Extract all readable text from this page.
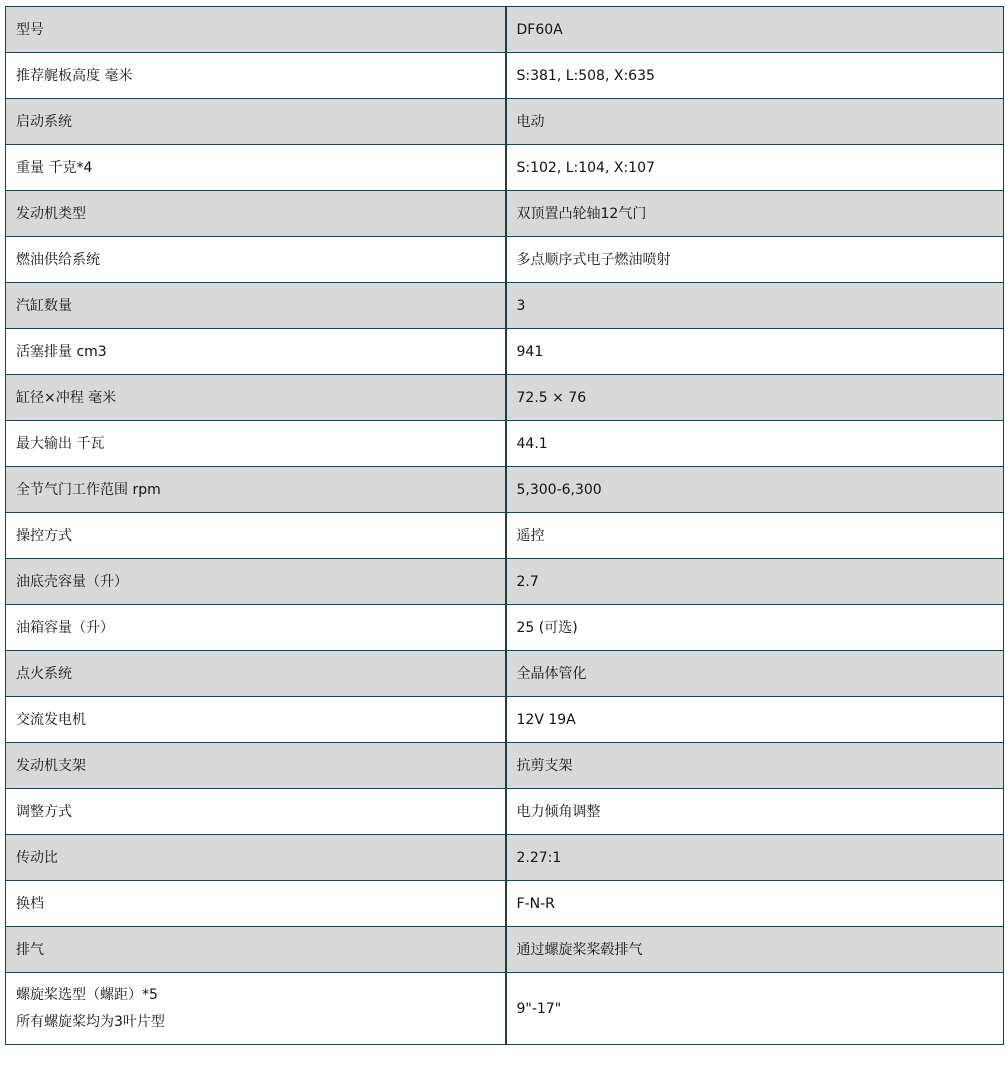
型号	DF60A
推荐艉板高度 毫米	S:381, L:508, X:635
启动系统	电动
重量 千克*4	S:102, L:104, X:107
发动机类型	双顶置凸轮轴12气门
燃油供给系统	多点顺序式电子燃油喷射
汽缸数量	3
活塞排量 cm3	941
缸径×冲程 毫米	72.5 × 76
最大输出 千瓦	44.1
全节气门工作范围 rpm	5,300-6,300
操控方式	遥控
油底壳容量（升）	2.7
油箱容量（升）	25 (可选)
点火系统	全晶体管化
交流发电机	12V 19A
发动机支架	抗剪支架
调整方式	电力倾角调整
传动比	2.27:1
换档	F-N-R
排气	通过螺旋桨桨毂排气

螺旋桨选型（螺距）*5
所有螺旋桨均为3叶片型	9"-17"
